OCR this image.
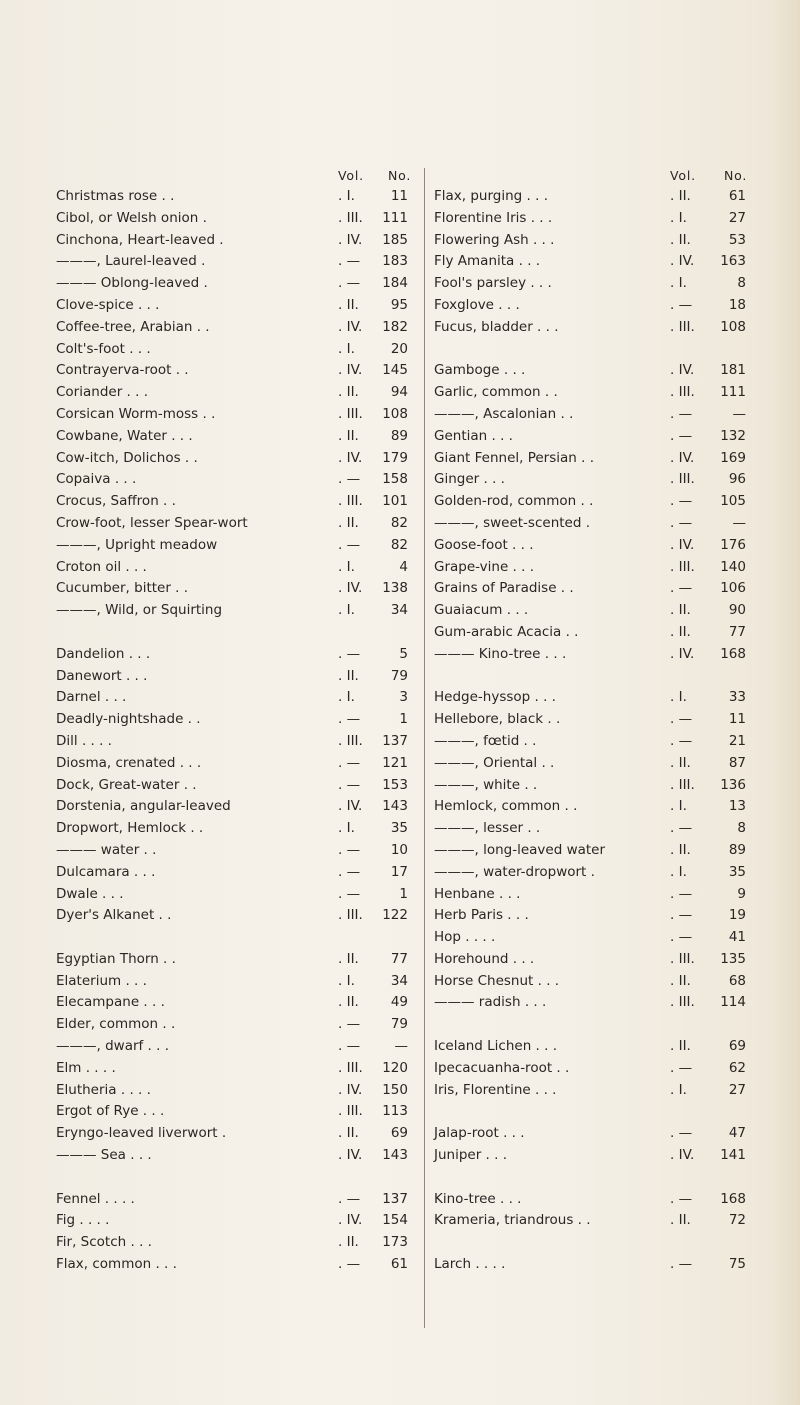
Vol. No.
Christmas rose . .	. I.	11
Cibol, or Welsh onion .	. III.	111
Cinchona, Heart-leaved .	. IV.	185
———, Laurel-leaved .	. —	183
——— Oblong-leaved .	. —	184
Clove-spice . . .	. II.	95
Coffee-tree, Arabian . .	. IV.	182
Colt's-foot . . .	. I.	20
Contrayerva-root . .	. IV.	145
Coriander . . .	. II.	94
Corsican Worm-moss . .	. III.	108
Cowbane, Water . . .	. II.	89
Cow-itch, Dolichos . .	. IV.	179
Copaiva . . .	. —	158
Crocus, Saffron . .	. III.	101
Crow-foot, lesser Spear-wort	. II.	82
———, Upright meadow	. —	82
Croton oil . . .	. I.	4
Cucumber, bitter . .	. IV.	138
———, Wild, or Squirting	. I.	34
Dandelion . . .	. —	5
Danewort . . .	. II.	79
Darnel . . .	. I.	3
Deadly-nightshade . .	. —	1
Dill . . . .	. III.	137
Diosma, crenated . . .	. —	121
Dock, Great-water . .	. —	153
Dorstenia, angular-leaved	. IV.	143
Dropwort, Hemlock . .	. I.	35
——— water . .	. —	10
Dulcamara . . .	. —	17
Dwale . . .	. —	1
Dyer's Alkanet . .	. III.	122
Egyptian Thorn . .	. II.	77
Elaterium . . .	. I.	34
Elecampane . . .	. II.	49
Elder, common . .	. —	79
———, dwarf . . .	. —	—
Elm . . . .	. III.	120
Elutheria . . . .	. IV.	150
Ergot of Rye . . .	. III.	113
Eryngo-leaved liverwort .	. II.	69
——— Sea . . .	. IV.	143
Fennel . . . .	. —	137
Fig . . . .	. IV.	154
Fir, Scotch . . .	. II.	173
Flax, common . . .	. —	61
Vol. No.
Flax, purging . . .	. II.	61
Florentine Iris . . .	. I.	27
Flowering Ash . . .	. II.	53
Fly Amanita . . .	. IV.	163
Fool's parsley . . .	. I.	8
Foxglove . . .	. —	18
Fucus, bladder . . .	. III.	108
Gamboge . . .	. IV.	181
Garlic, common . .	. III.	111
———, Ascalonian . .	. —	—
Gentian . . .	. —	132
Giant Fennel, Persian . .	. IV.	169
Ginger . . .	. III.	96
Golden-rod, common . .	. —	105
———, sweet-scented .	. —	—
Goose-foot . . .	. IV.	176
Grape-vine . . .	. III.	140
Grains of Paradise . .	. —	106
Guaiacum . . .	. II.	90
Gum-arabic Acacia . .	. II.	77
——— Kino-tree . . .	. IV.	168
Hedge-hyssop . . .	. I.	33
Hellebore, black . .	. —	11
———, fœtid . .	. —	21
———, Oriental . .	. II.	87
———, white . .	. III.	136
Hemlock, common . .	. I.	13
———, lesser . .	. —	8
———, long-leaved water	. II.	89
———, water-dropwort .	. I.	35
Henbane . . .	. —	9
Herb Paris . . .	. —	19
Hop . . . .	. —	41
Horehound . . .	. III.	135
Horse Chesnut . . .	. II.	68
——— radish . . .	. III.	114
Iceland Lichen . . .	. II.	69
Ipecacuanha-root . .	. —	62
Iris, Florentine . . .	. I.	27
Jalap-root . . .	. —	47
Juniper . . .	. IV.	141
Kino-tree . . .	. —	168
Krameria, triandrous . .	. II.	72
Larch . . . .	. —	75
